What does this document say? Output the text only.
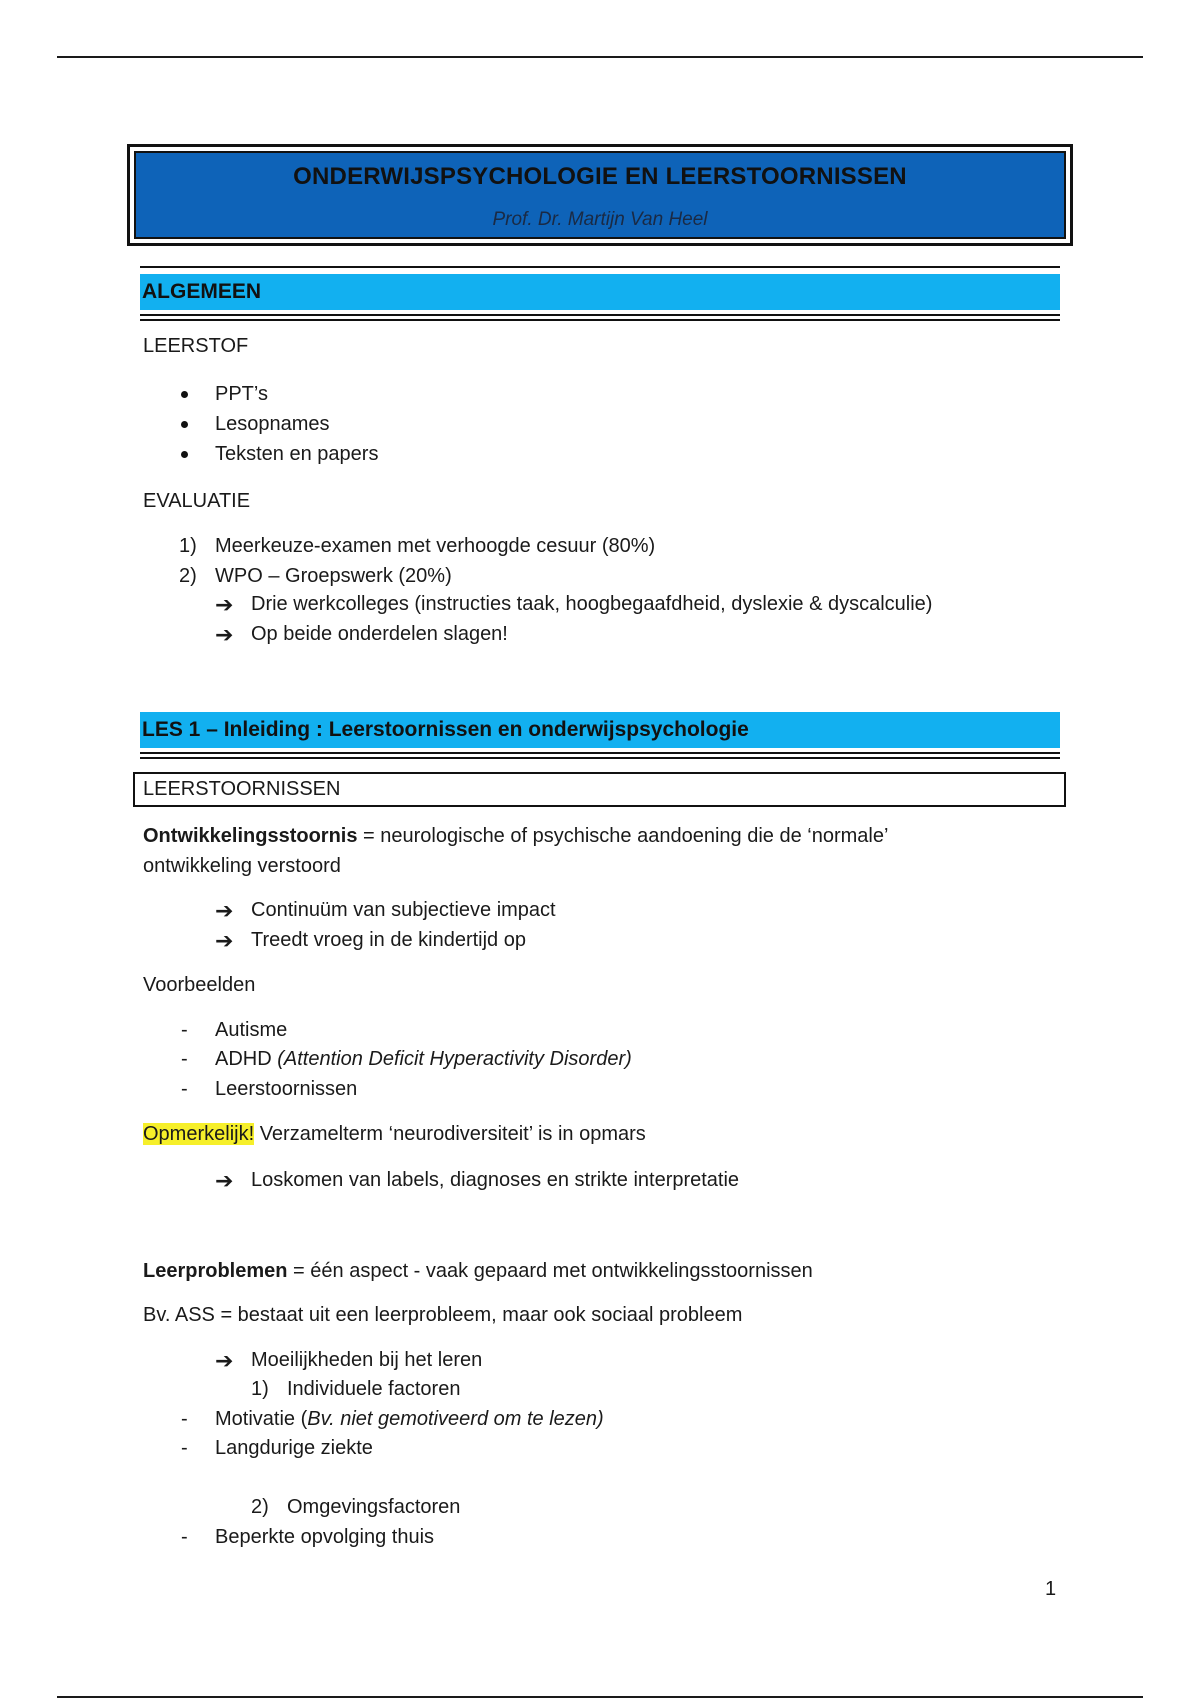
ONDERWIJSPSYCHOLOGIE EN LEERSTOORNISSEN
Prof. Dr. Martijn Van Heel
ALGEMEEN
LEERSTOF
PPT’s
Lesopnames
Teksten en papers
EVALUATIE
1) Meerkeuze-examen met verhoogde cesuur (80%)
2) WPO – Groepswerk (20%)
➔ Drie werkcolleges (instructies taak, hoogbegaafdheid, dyslexie & dyscalculie)
➔ Op beide onderdelen slagen!
LES 1 – Inleiding : Leerstoornissen en onderwijspsychologie
LEERSTOORNISSEN
Ontwikkelingsstoornis = neurologische of psychische aandoening die de ‘normale’
ontwikkeling verstoord
➔ Continuüm van subjectieve impact
➔ Treedt vroeg in de kindertijd op
Voorbeelden
- Autisme
- ADHD (Attention Deficit Hyperactivity Disorder)
- Leerstoornissen
Opmerkelijk! Verzamelterm ‘neurodiversiteit’ is in opmars
➔ Loskomen van labels, diagnoses en strikte interpretatie
Leerproblemen = één aspect - vaak gepaard met ontwikkelingsstoornissen
Bv. ASS = bestaat uit een leerprobleem, maar ook sociaal probleem
➔ Moeilijkheden bij het leren
1) Individuele factoren
- Motivatie (Bv. niet gemotiveerd om te lezen)
- Langdurige ziekte
2) Omgevingsfactoren
- Beperkte opvolging thuis
1
